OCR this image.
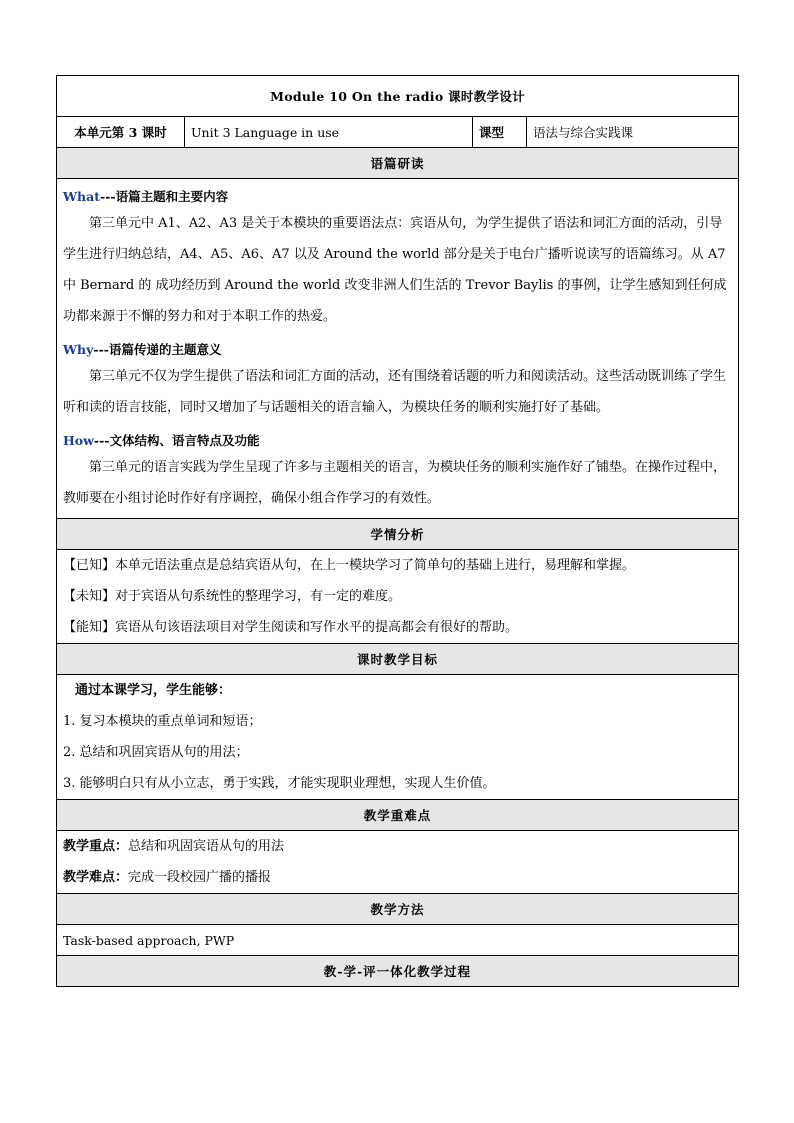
Module 10 On the radio 课时教学设计
本单元第 3 课时	Unit 3 Language in use	课型	语法与综合实践课
语篇研读

What---语篇主题和主要内容

第三单元中 A1、A2、A3 是关于本模块的重要语法点：宾语从句，为学生提供了语法和词汇方面的活动，引导学生进行归纳总结，A4、A5、A6、A7 以及 Around the world 部分是关于电台广播听说读写的语篇练习。从 A7 中 Bernard 的 成功经历到 Around the world 改变非洲人们生活的 Trevor Baylis 的事例，让学生感知到任何成功都来源于不懈的努力和对于本职工作的热爱。

Why---语篇传递的主题意义

第三单元不仅为学生提供了语法和词汇方面的活动，还有围绕着话题的听力和阅读活动。这些活动既训练了学生听和读的语言技能，同时又增加了与话题相关的语言输入，为模块任务的顺利实施打好了基础。

How---文体结构、语言特点及功能

第三单元的语言实践为学生呈现了许多与主题相关的语言，为模块任务的顺利实施作好了铺垫。在操作过程中，教师要在小组讨论时作好有序调控，确保小组合作学习的有效性。

学情分析

【已知】本单元语法重点是总结宾语从句，在上一模块学习了简单句的基础上进行，易理解和掌握。
【未知】对于宾语从句系统性的整理学习，有一定的难度。
【能知】宾语从句该语法项目对学生阅读和写作水平的提高都会有很好的帮助。

课时教学目标

通过本课学习，学生能够：
1. 复习本模块的重点单词和短语；
2. 总结和巩固宾语从句的用法；
3. 能够明白只有从小立志，勇于实践，才能实现职业理想，实现人生价值。

教学重难点

教学重点：总结和巩固宾语从句的用法
教学难点：完成一段校园广播的播报

教学方法
Task-based approach, PWP
教-学-评一体化教学过程
